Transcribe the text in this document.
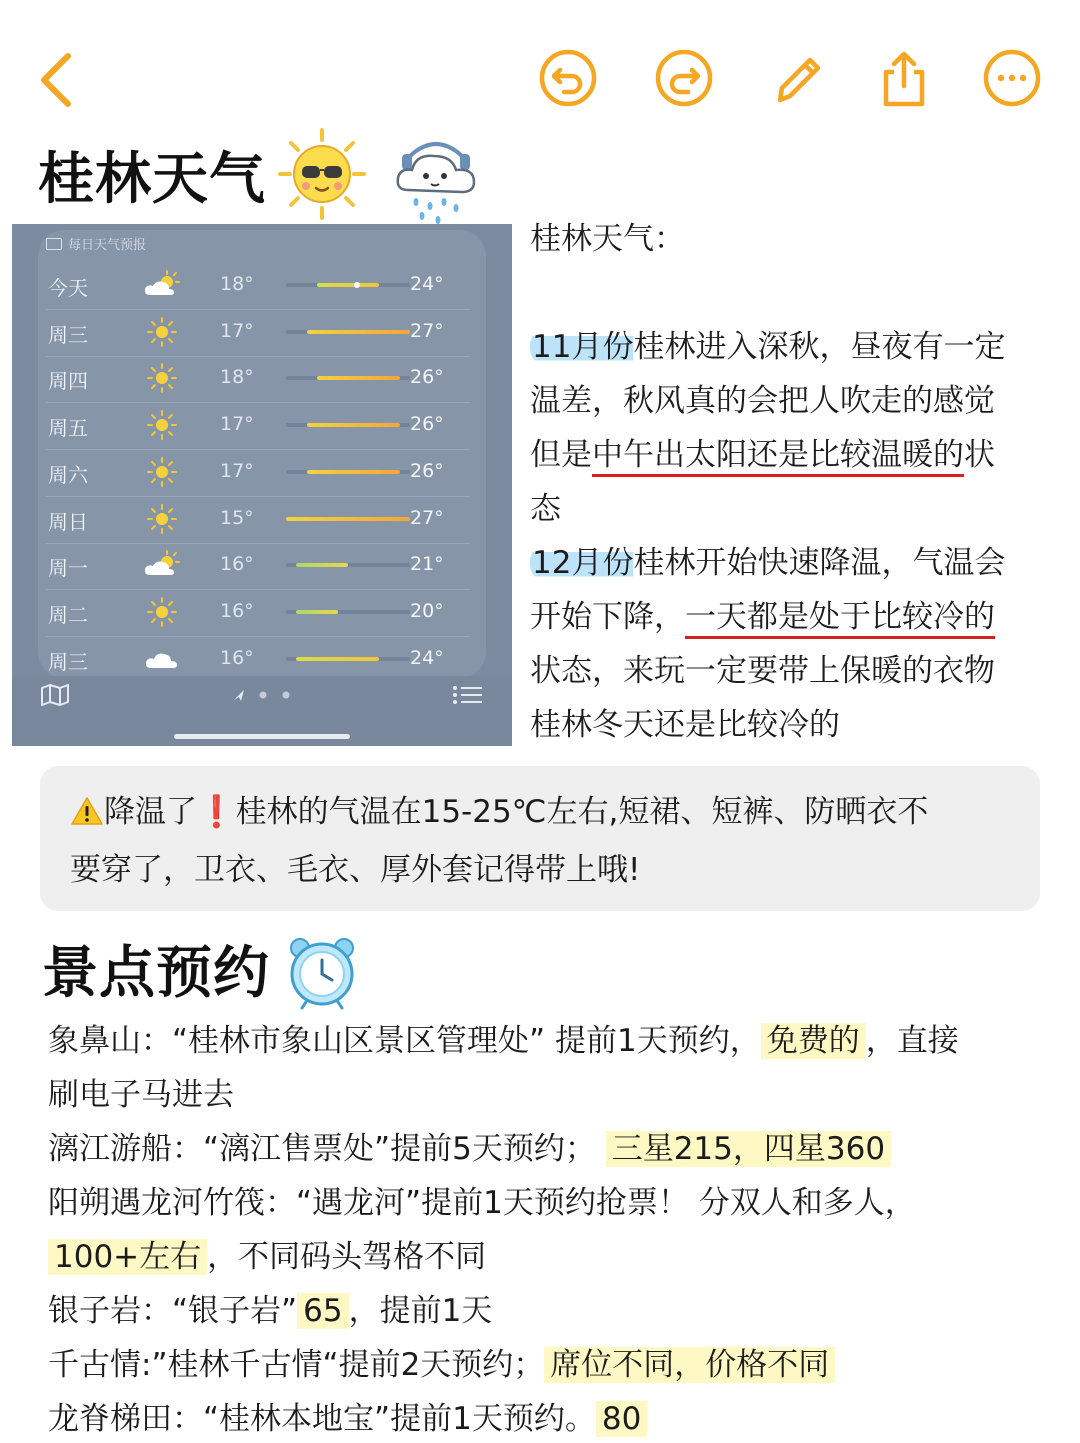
桂林天气
每日天气预报
今天	18°	24°
周三	17°	27°
周四	18°	26°
周五	17°	26°
周六	17°	26°
周日	15°	27°
周一	16°	21°
周二	16°	20°
周三	16°	24°
桂林天气：
11月份桂林进入深秋，昼夜有一定
温差，秋风真的会把人吹走的感觉
但是中午出太阳还是比较温暖的状
态
12月份桂林开始快速降温，气温会
开始下降，一天都是处于比较冷的
状态，来玩一定要带上保暖的衣物
桂林冬天还是比较冷的
降温了❗桂林的气温在15-25℃左右,短裙、短裤、防晒衣不
要穿了，卫衣、毛衣、厚外套记得带上哦!
景点预约
象鼻山：“桂林市象山区景区管理处” 提前1天预约， 免费的 ，直接
刷电子马进去
漓江游船：“漓江售票处”提前5天预约； 三星215，四星360
阳朔遇龙河竹筏：“遇龙河”提前1天预约抢票！ 分双人和多人，
100+左右 ，不同码头驾格不同
银子岩：“银子岩” 65 ，提前1天
千古情:”桂林千古情“提前2天预约； 席位不同，价格不同
龙脊梯田：“桂林本地宝”提前1天预约。 80
